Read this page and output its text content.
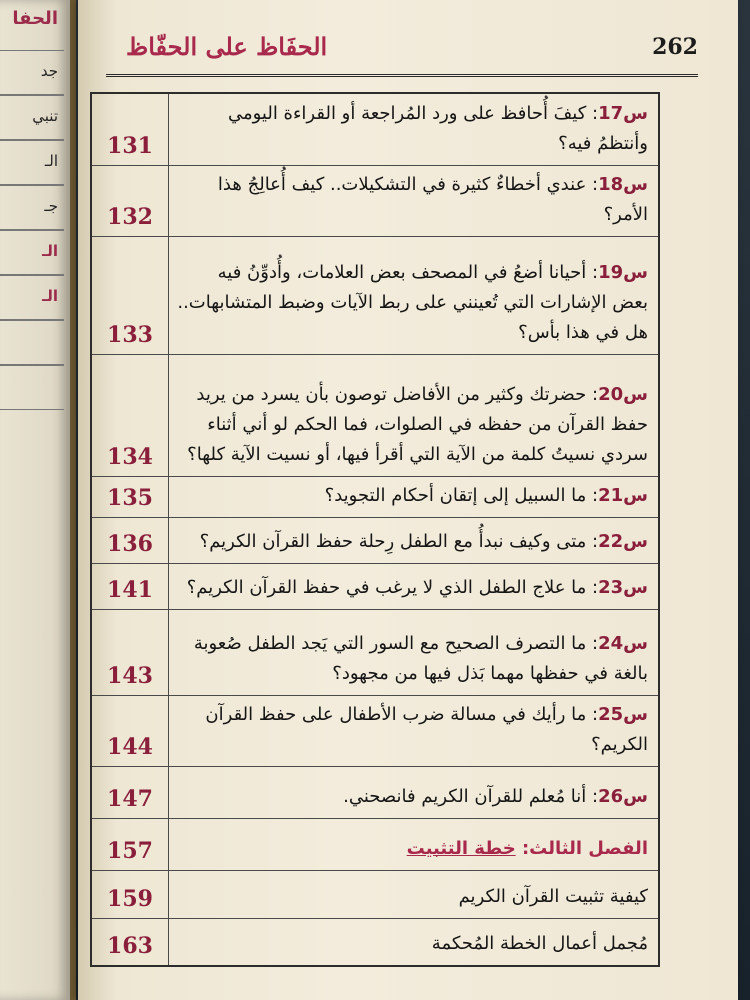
الحفا
جد
تنبي
الـ
جـ
الـ
الـ
262
الحفَاظ على الحفّاظ
س17: كيفَ أُحافظ على ورد المُراجعة أو القراءة اليومي وأنتظمُ فيه؟	131
س18: عندي أخطاءٌ كثيرة في التشكيلات.. كيف أُعالِجُ هذا الأمر؟	132
س19: أحيانا أضعُ في المصحف بعض العلامات، وأُدوِّنُ فيه بعض الإشارات التي تُعينني على ربط الآيات وضبط المتشابهات.. هل في هذا بأس؟	133
س20: حضرتك وكثير من الأفاضل توصون بأن يسرد من يريد حفظ القرآن من حفظه في الصلوات، فما الحكم لو أني أثناء سردي نسيتُ كلمة من الآية التي أقرأ فيها، أو نسيت الآية كلها؟	134
س21: ما السبيل إلى إتقان أحكام التجويد؟	135
س22: متى وكيف نبدأُ مع الطفل رِحلة حفظ القرآن الكريم؟	136
س23: ما علاج الطفل الذي لا يرغب في حفظ القرآن الكريم؟	141
س24: ما التصرف الصحيح مع السور التي يَجد الطفل صُعوبة بالغة في حفظها مهما بَذل فيها من مجهود؟	143
س25: ما رأيك في مسالة ضرب الأطفال على حفظ القرآن الكريم؟	144
س26: أنا مُعلم للقرآن الكريم فانصحني.	147
الفصل الثالث: خطة التثبيت	157
كيفية تثبيت القرآن الكريم	159
مُجمل أعمال الخطة المُحكمة	163
